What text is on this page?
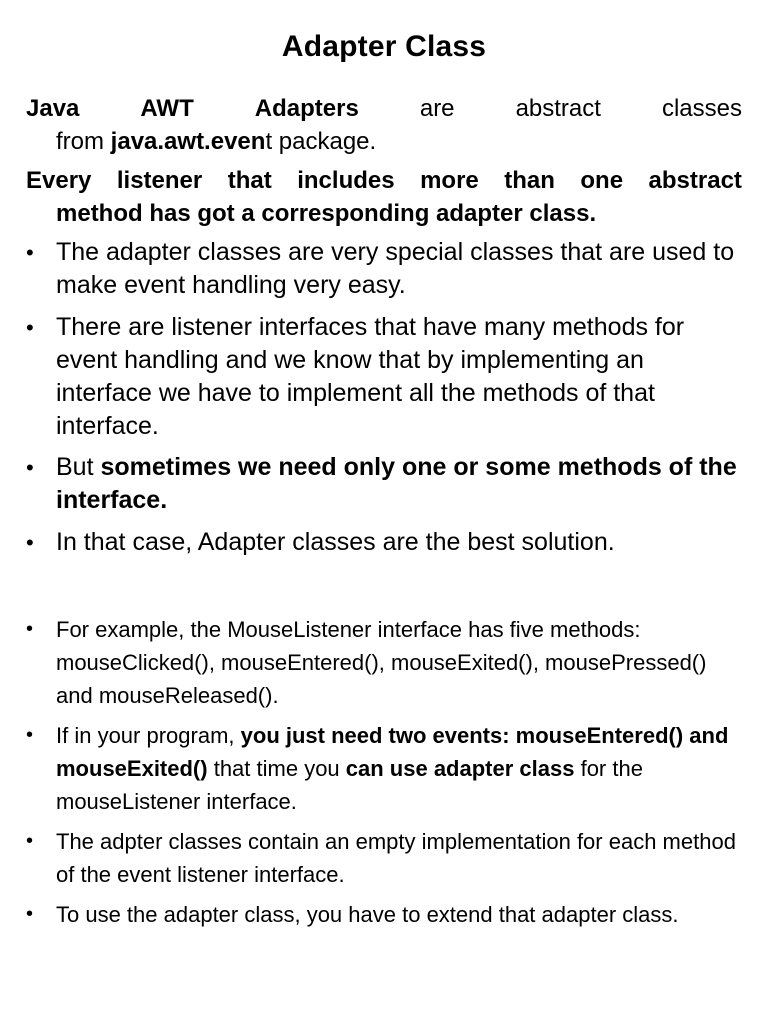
Adapter Class
Java	AWT	Adapters	are	abstract	classes
from java.awt.event package.
Every listener that includes more than one abstract
method has got a corresponding adapter class.
• The adapter classes are very special classes that are used to make event handling very easy.
• There are listener interfaces that have many methods for event handling and we know that by implementing an interface we have to implement all the methods of that interface.
• But sometimes we need only one or some methods of the interface.
• In that case, Adapter classes are the best solution.
•	For example, the MouseListener interface has five methods: mouseClicked(), mouseEntered(), mouseExited(), mousePressed() and mouseReleased().
•	If in your program, you just need two events: mouseEntered() and mouseExited() that time you can use adapter class for the mouseListener interface.
•	The adpter classes contain an empty implementation for each method of the event listener interface.
•	To use the adapter class, you have to extend that adapter class.
